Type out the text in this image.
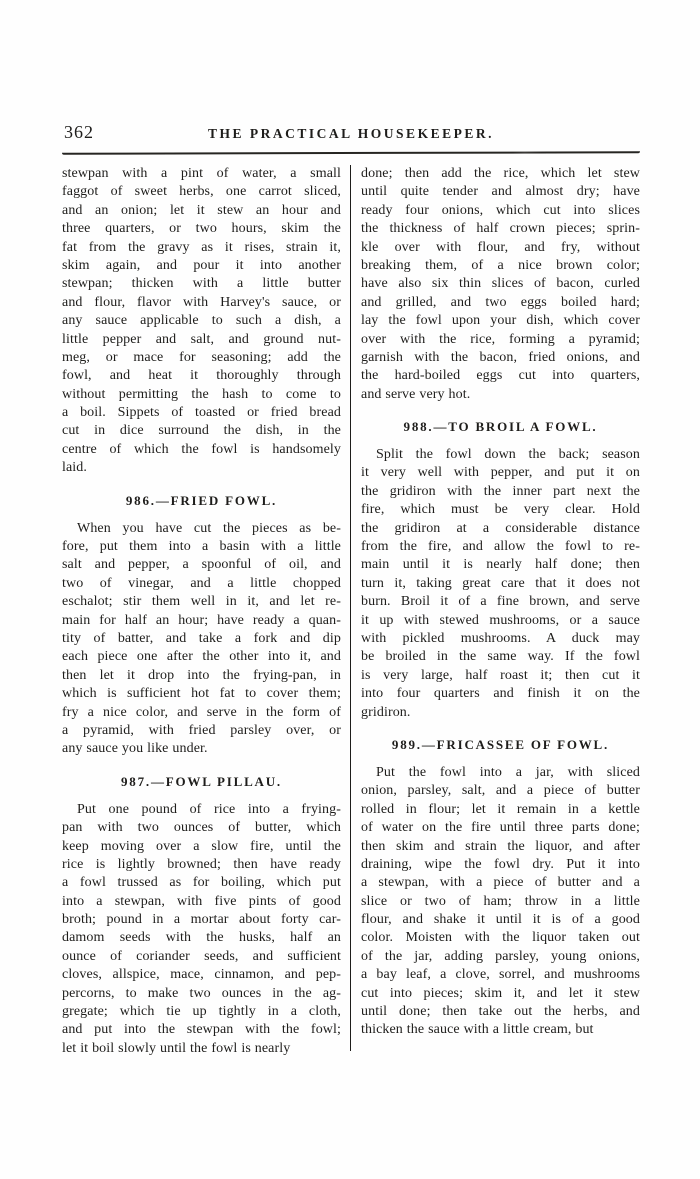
362	THE PRACTICAL HOUSEKEEPER.
stewpan with a pint of water, a small
faggot of sweet herbs, one carrot sliced,
and an onion; let it stew an hour and
three quarters, or two hours, skim the
fat from the gravy as it rises, strain it,
skim again, and pour it into another
stewpan; thicken with a little butter
and flour, flavor with Harvey's sauce, or
any sauce applicable to such a dish, a
little pepper and salt, and ground nut-
meg, or mace for seasoning; add the
fowl, and heat it thoroughly through
without permitting the hash to come to
a boil. Sippets of toasted or fried bread
cut in dice surround the dish, in the
centre of which the fowl is handsomely
laid.
986.—FRIED FOWL.
When you have cut the pieces as be-
fore, put them into a basin with a little
salt and pepper, a spoonful of oil, and
two of vinegar, and a little chopped
eschalot; stir them well in it, and let re-
main for half an hour; have ready a quan-
tity of batter, and take a fork and dip
each piece one after the other into it, and
then let it drop into the frying-pan, in
which is sufficient hot fat to cover them;
fry a nice color, and serve in the form of
a pyramid, with fried parsley over, or
any sauce you like under.
987.—FOWL PILLAU.
Put one pound of rice into a frying-
pan with two ounces of butter, which
keep moving over a slow fire, until the
rice is lightly browned; then have ready
a fowl trussed as for boiling, which put
into a stewpan, with five pints of good
broth; pound in a mortar about forty car-
damom seeds with the husks, half an
ounce of coriander seeds, and sufficient
cloves, allspice, mace, cinnamon, and pep-
percorns, to make two ounces in the ag-
gregate; which tie up tightly in a cloth,
and put into the stewpan with the fowl;
let it boil slowly until the fowl is nearly
done; then add the rice, which let stew
until quite tender and almost dry; have
ready four onions, which cut into slices
the thickness of half crown pieces; sprin-
kle over with flour, and fry, without
breaking them, of a nice brown color;
have also six thin slices of bacon, curled
and grilled, and two eggs boiled hard;
lay the fowl upon your dish, which cover
over with the rice, forming a pyramid;
garnish with the bacon, fried onions, and
the hard-boiled eggs cut into quarters,
and serve very hot.
988.—TO BROIL A FOWL.
Split the fowl down the back; season
it very well with pepper, and put it on
the gridiron with the inner part next the
fire, which must be very clear. Hold
the gridiron at a considerable distance
from the fire, and allow the fowl to re-
main until it is nearly half done; then
turn it, taking great care that it does not
burn. Broil it of a fine brown, and serve
it up with stewed mushrooms, or a sauce
with pickled mushrooms. A duck may
be broiled in the same way. If the fowl
is very large, half roast it; then cut it
into four quarters and finish it on the
gridiron.
989.—FRICASSEE OF FOWL.
Put the fowl into a jar, with sliced
onion, parsley, salt, and a piece of butter
rolled in flour; let it remain in a kettle
of water on the fire until three parts done;
then skim and strain the liquor, and after
draining, wipe the fowl dry. Put it into
a stewpan, with a piece of butter and a
slice or two of ham; throw in a little
flour, and shake it until it is of a good
color. Moisten with the liquor taken out
of the jar, adding parsley, young onions,
a bay leaf, a clove, sorrel, and mushrooms
cut into pieces; skim it, and let it stew
until done; then take out the herbs, and
thicken the sauce with a little cream, but
